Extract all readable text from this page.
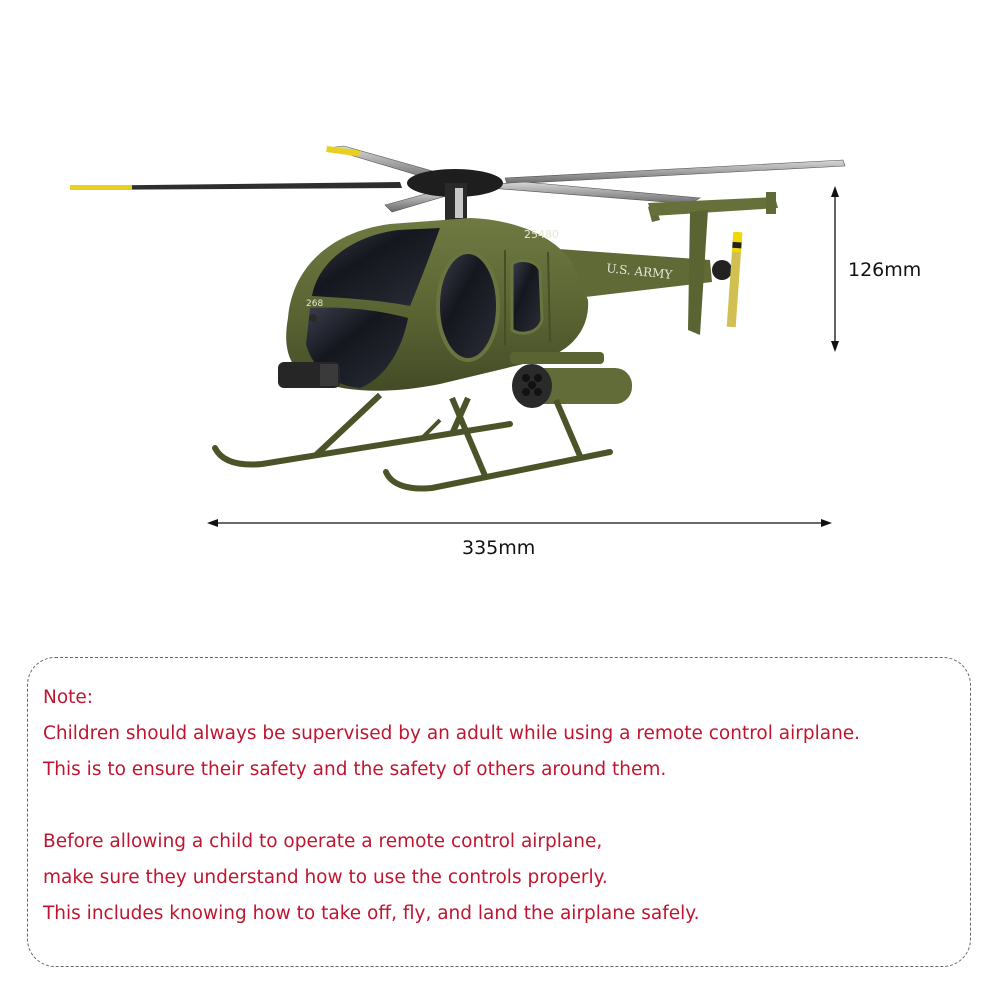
U.S. ARMY
25480
268
126mm
335mm
Note:
Children should always be supervised by an adult while using a remote control airplane.
This is to ensure their safety and the safety of others around them.
Before allowing a child to operate a remote control airplane,
make sure they understand how to use the controls properly.
This includes knowing how to take off, fly, and land the airplane safely.
